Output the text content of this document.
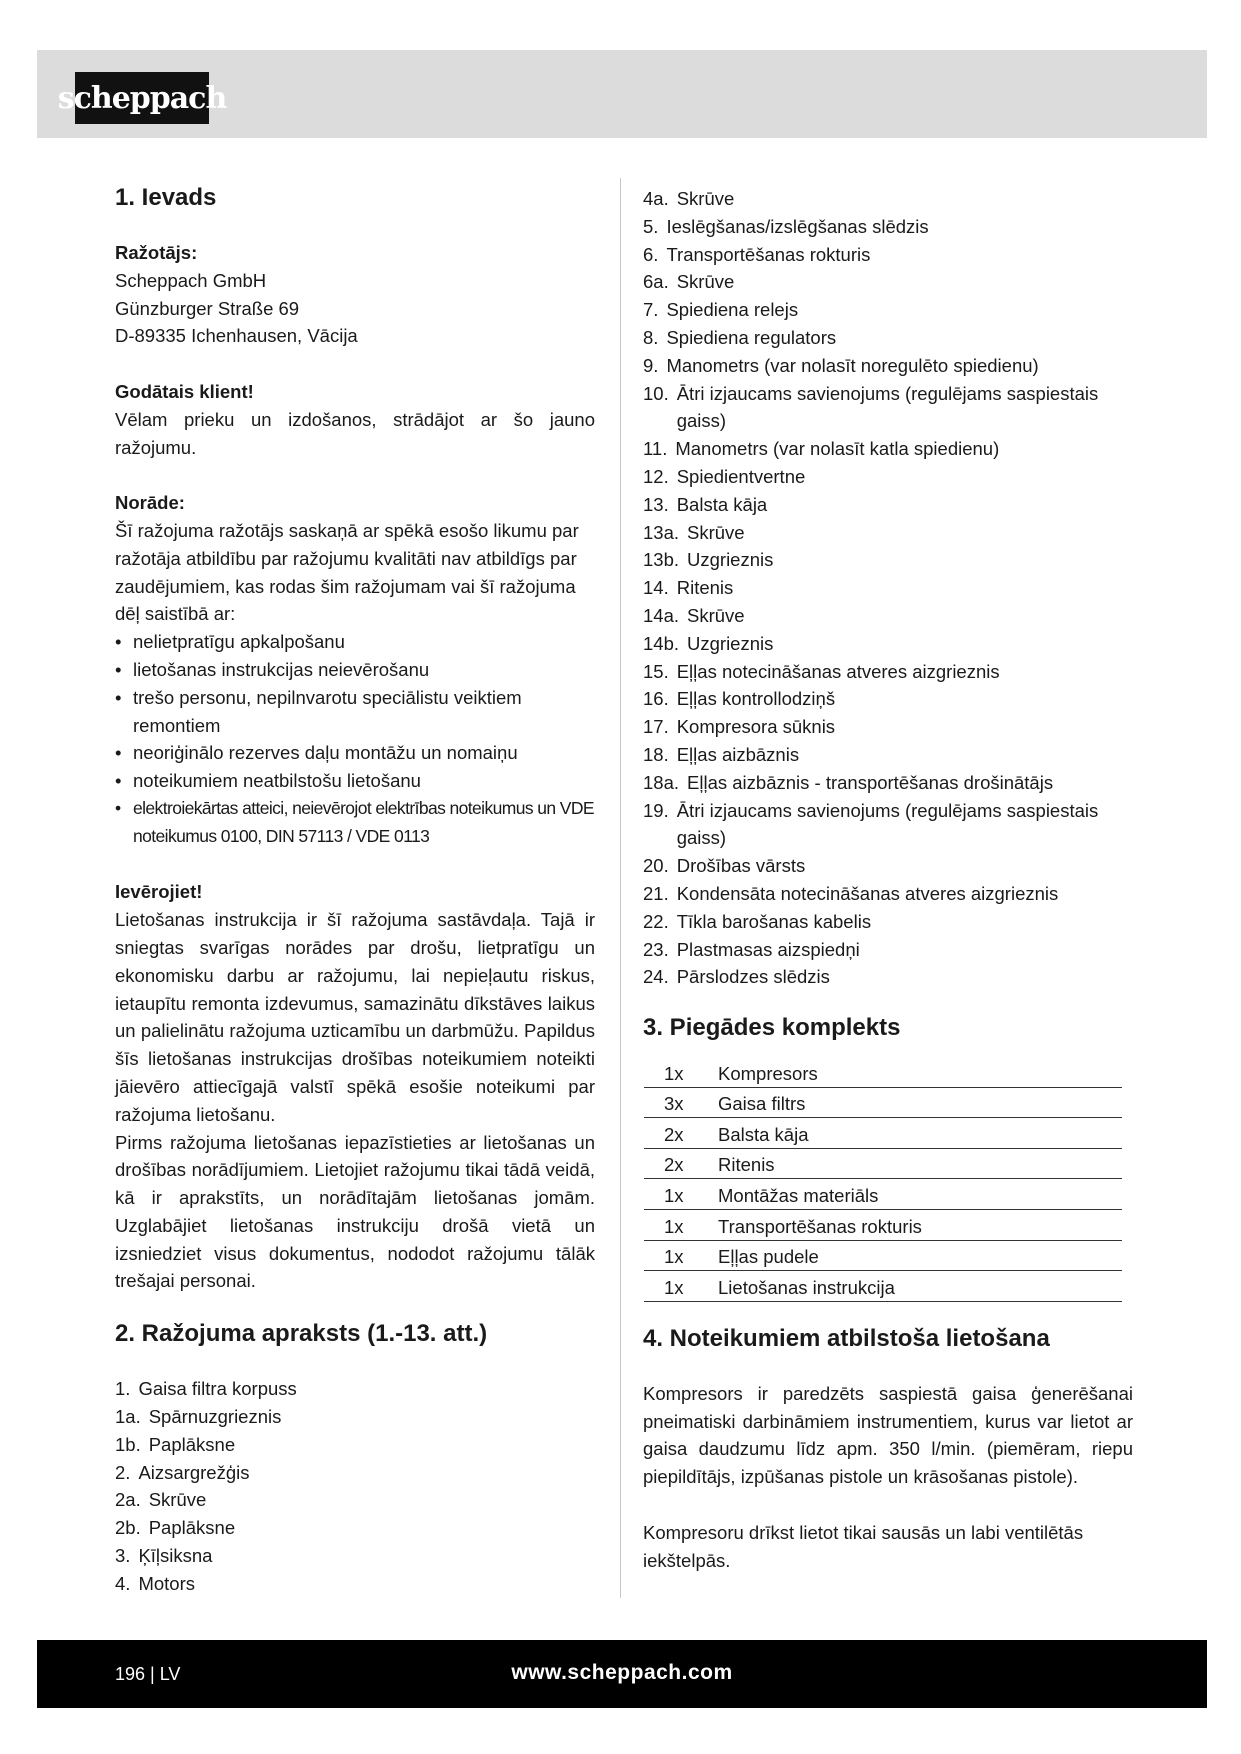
scheppach
1. Ievads
Ražotājs:
Scheppach GmbH
Günzburger Straße 69
D-89335 Ichenhausen, Vācija
Godātais klient!

Vēlam prieku un izdošanos, strādājot ar šo jauno ražojumu.

Norāde:

Šī ražojuma ražotājs saskaņā ar spēkā esošo likumu par ražotāja atbildību par ražojumu kvalitāti nav atbildīgs par zaudējumiem, kas rodas šim ražojumam vai šī ražojuma dēļ saistībā ar:

• nelietpratīgu apkalpošanu
• lietošanas instrukcijas neievērošanu
• trešo personu, nepilnvarotu speciālistu veiktiem remontiem
• neoriģinālo rezerves daļu montāžu un nomaiņu
• noteikumiem neatbilstošu lietošanu
• elektroiekārtas atteici, neievērojot elektrības noteikumus un VDE noteikumus 0100, DIN 57113 / VDE 0113
Ievērojiet!

Lietošanas instrukcija ir šī ražojuma sastāvdaļa. Tajā ir sniegtas svarīgas norādes par drošu, lietpratīgu un ekonomisku darbu ar ražojumu, lai nepieļautu riskus, ietaupītu remonta izdevumus, samazinātu dīkstāves laikus un palielinātu ražojuma uzticamību un darbmūžu. Papildus šīs lietošanas instrukcijas drošības noteikumiem noteikti jāievēro attiecīgajā valstī spēkā esošie noteikumi par ražojuma lietošanu.

Pirms ražojuma lietošanas iepazīstieties ar lietošanas un drošības norādījumiem. Lietojiet ražojumu tikai tādā veidā, kā ir aprakstīts, un norādītajām lietošanas jomām. Uzglabājiet lietošanas instrukciju drošā vietā un izsniedziet visus dokumentus, nododot ražojumu tālāk trešajai personai.

2. Ražojuma apraksts (1.-13. att.)
1. Gaisa filtra korpuss
1a. Spārnuzgrieznis
1b. Paplāksne
2. Aizsargrežģis
2a. Skrūve
2b. Paplāksne
3. Ķīļsiksna
4. Motors
4a. Skrūve
5. Ieslēgšanas/izslēgšanas slēdzis
6. Transportēšanas rokturis
6a. Skrūve
7. Spiediena relejs
8. Spiediena regulators
9. Manometrs (var nolasīt noregulēto spiedienu)
10. Ātri izjaucams savienojums (regulējams saspiestais gaiss)
11. Manometrs (var nolasīt katla spiedienu)
12. Spiedientvertne
13. Balsta kāja
13a. Skrūve
13b. Uzgrieznis
14. Ritenis
14a. Skrūve
14b. Uzgrieznis
15. Eļļas notecināšanas atveres aizgrieznis
16. Eļļas kontrollodziņš
17. Kompresora sūknis
18. Eļļas aizbāznis
18a. Eļļas aizbāznis - transportēšanas drošinātājs
19. Ātri izjaucams savienojums (regulējams saspiestais gaiss)
20. Drošības vārsts
21. Kondensāta notecināšanas atveres aizgrieznis
22. Tīkla barošanas kabelis
23. Plastmasas aizspiedņi
24. Pārslodzes slēdzis
3. Piegādes komplekts
1x	Kompresors
3x	Gaisa filtrs
2x	Balsta kāja
2x	Ritenis
1x	Montāžas materiāls
1x	Transportēšanas rokturis
1x	Eļļas pudele
1x	Lietošanas instrukcija
4. Noteikumiem atbilstoša lietošana

Kompresors ir paredzēts saspiestā gaisa ģenerēšanai pneimatiski darbināmiem instrumentiem, kurus var lietot ar gaisa daudzumu līdz apm. 350 l/min. (piemēram, riepu piepildītājs, izpūšanas pistole un krāsošanas pistole).

Kompresoru drīkst lietot tikai sausās un labi ventilētās iekštelpās.

196 | LV	www.scheppach.com
